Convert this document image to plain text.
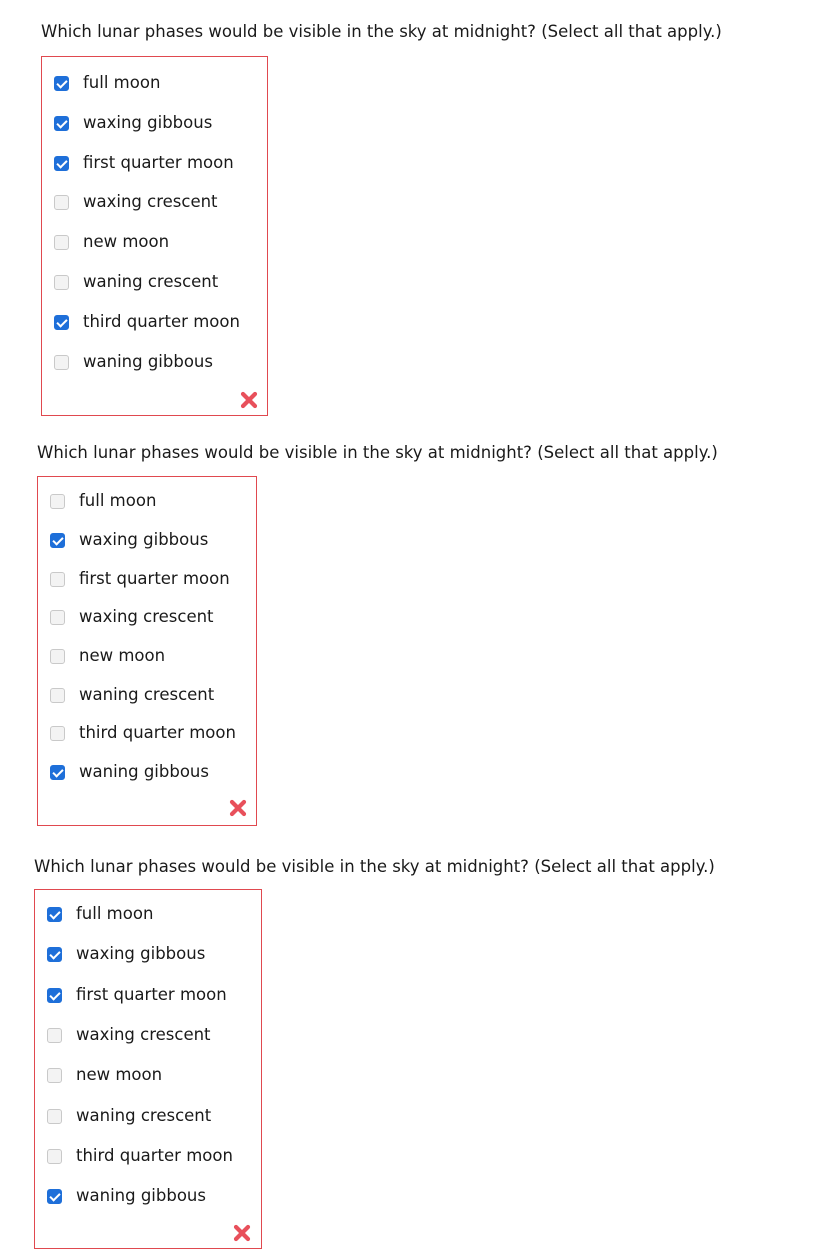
Which lunar phases would be visible in the sky at midnight? (Select all that apply.)
full moon
waxing gibbous
first quarter moon
waxing crescent
new moon
waning crescent
third quarter moon
waning gibbous
Which lunar phases would be visible in the sky at midnight? (Select all that apply.)
full moon
waxing gibbous
first quarter moon
waxing crescent
new moon
waning crescent
third quarter moon
waning gibbous
Which lunar phases would be visible in the sky at midnight? (Select all that apply.)
full moon
waxing gibbous
first quarter moon
waxing crescent
new moon
waning crescent
third quarter moon
waning gibbous
